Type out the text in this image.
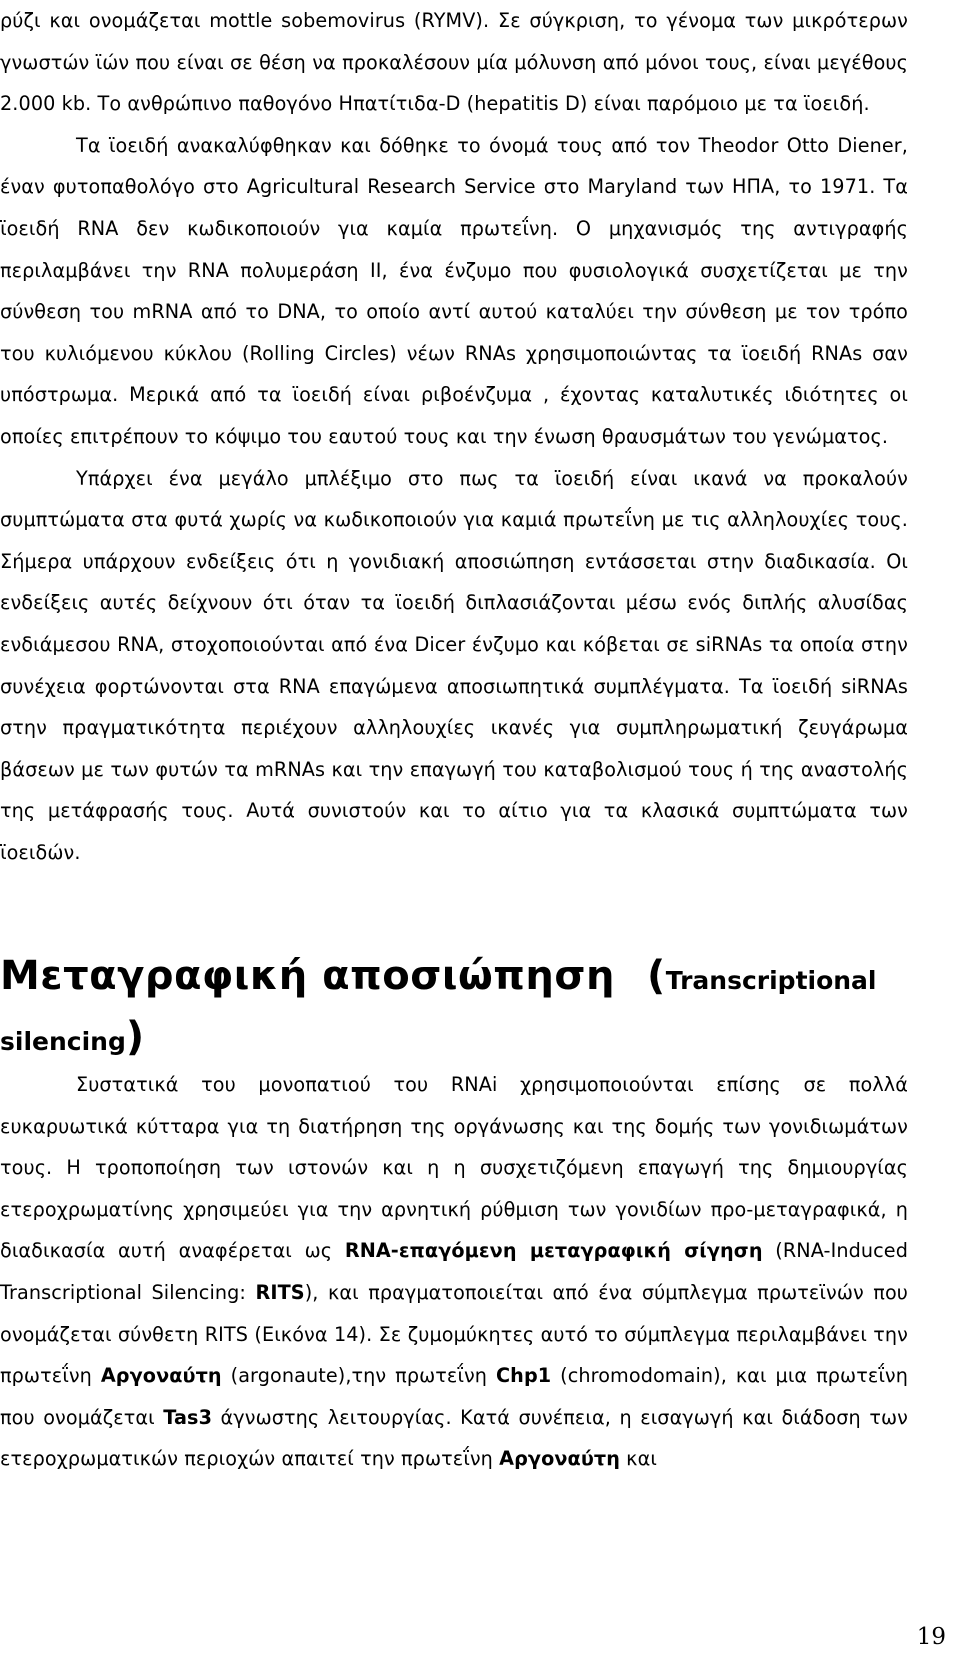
ρύζι και ονομάζεται mottle sobemovirus (RYMV). Σε σύγκριση, το γένομα των μικρότερων γνωστών ϊών που είναι σε θέση να προκαλέσουν μία μόλυνση από μόνοι τους, είναι μεγέθους 2.000 kb. Το ανθρώπινο παθογόνο Ηπατίτιδα-D (hepatitis D) είναι παρόμοιο με τα ϊοειδή.

Τα ϊοειδή ανακαλύφθηκαν και δόθηκε το όνομά τους από τον Theodor Otto Diener, έναν φυτοπαθολόγο στο Agricultural Research Service στο Maryland των ΗΠΑ, το 1971. Τα ϊοειδή RNA δεν κωδικοποιούν για καμία πρωτεΐνη. Ο μηχανισμός της αντιγραφής περιλαμβάνει την RNA πολυμεράση II, ένα ένζυμο που φυσιολογικά συσχετίζεται με την σύνθεση του mRNA από το DNA, το οποίο αντί αυτού καταλύει την σύνθεση με τον τρόπο του κυλιόμενου κύκλου (Rolling Circles) νέων RNAs χρησιμοποιώντας τα ϊοειδή RNAs σαν υπόστρωμα. Μερικά από τα ϊοειδή είναι ριβοένζυμα , έχοντας καταλυτικές ιδιότητες οι οποίες επιτρέπουν το κόψιμο του εαυτού τους και την ένωση θραυσμάτων του γενώματος.

Υπάρχει ένα μεγάλο μπλέξιμο στο πως τα ϊοειδή είναι ικανά να προκαλούν συμπτώματα στα φυτά χωρίς να κωδικοποιούν για καμιά πρωτεΐνη με τις αλληλουχίες τους. Σήμερα υπάρχουν ενδείξεις ότι η γονιδιακή αποσιώπηση εντάσσεται στην διαδικασία. Οι ενδείξεις αυτές δείχνουν ότι όταν τα ϊοειδή διπλασιάζονται μέσω ενός διπλής αλυσίδας ενδιάμεσου RNA, στοχοποιούνται από ένα Dicer ένζυμο και κόβεται σε siRNAs τα οποία στην συνέχεια φορτώνονται στα RNA επαγώμενα αποσιωπητικά συμπλέγματα. Τα ϊοειδή siRNAs στην πραγματικότητα περιέχουν αλληλουχίες ικανές για συμπληρωματική ζευγάρωμα βάσεων με των φυτών τα mRNAs και την επαγωγή του καταβολισμού τους ή της αναστολής της μετάφρασής τους. Αυτά συνιστούν και το αίτιο για τα κλασικά συμπτώματα των ϊοειδών.

Μεταγραφική αποσιώπηση (Transcriptional silencing)

Συστατικά του μονοπατιού του RNAi χρησιμοποιούνται επίσης σε πολλά ευκαρυωτικά κύτταρα για τη διατήρηση της οργάνωσης και της δομής των γονιδιωμάτων τους. Η τροποποίηση των ιστονών και η η συσχετιζόμενη επαγωγή της δημιουργίας ετεροχρωματίνης χρησιμεύει για την αρνητική ρύθμιση των γονιδίων προ-μεταγραφικά, η διαδικασία αυτή αναφέρεται ως RNA-επαγόμενη μεταγραφική σίγηση (RNA-Induced Transcriptional Silencing: RITS), και πραγματοποιείται από ένα σύμπλεγμα πρωτεϊνών που ονομάζεται σύνθετη RITS (Εικόνα 14). Σε ζυμομύκητες αυτό το σύμπλεγμα περιλαμβάνει την πρωτεΐνη Αργοναύτη (argonaute),την πρωτεΐνη Chp1 (chromodomain), και μια πρωτεΐνη που ονομάζεται Tas3 άγνωστης λειτουργίας. Κατά συνέπεια, η εισαγωγή και διάδοση των ετεροχρωματικών περιοχών απαιτεί την πρωτεΐνη Αργοναύτη και

19
